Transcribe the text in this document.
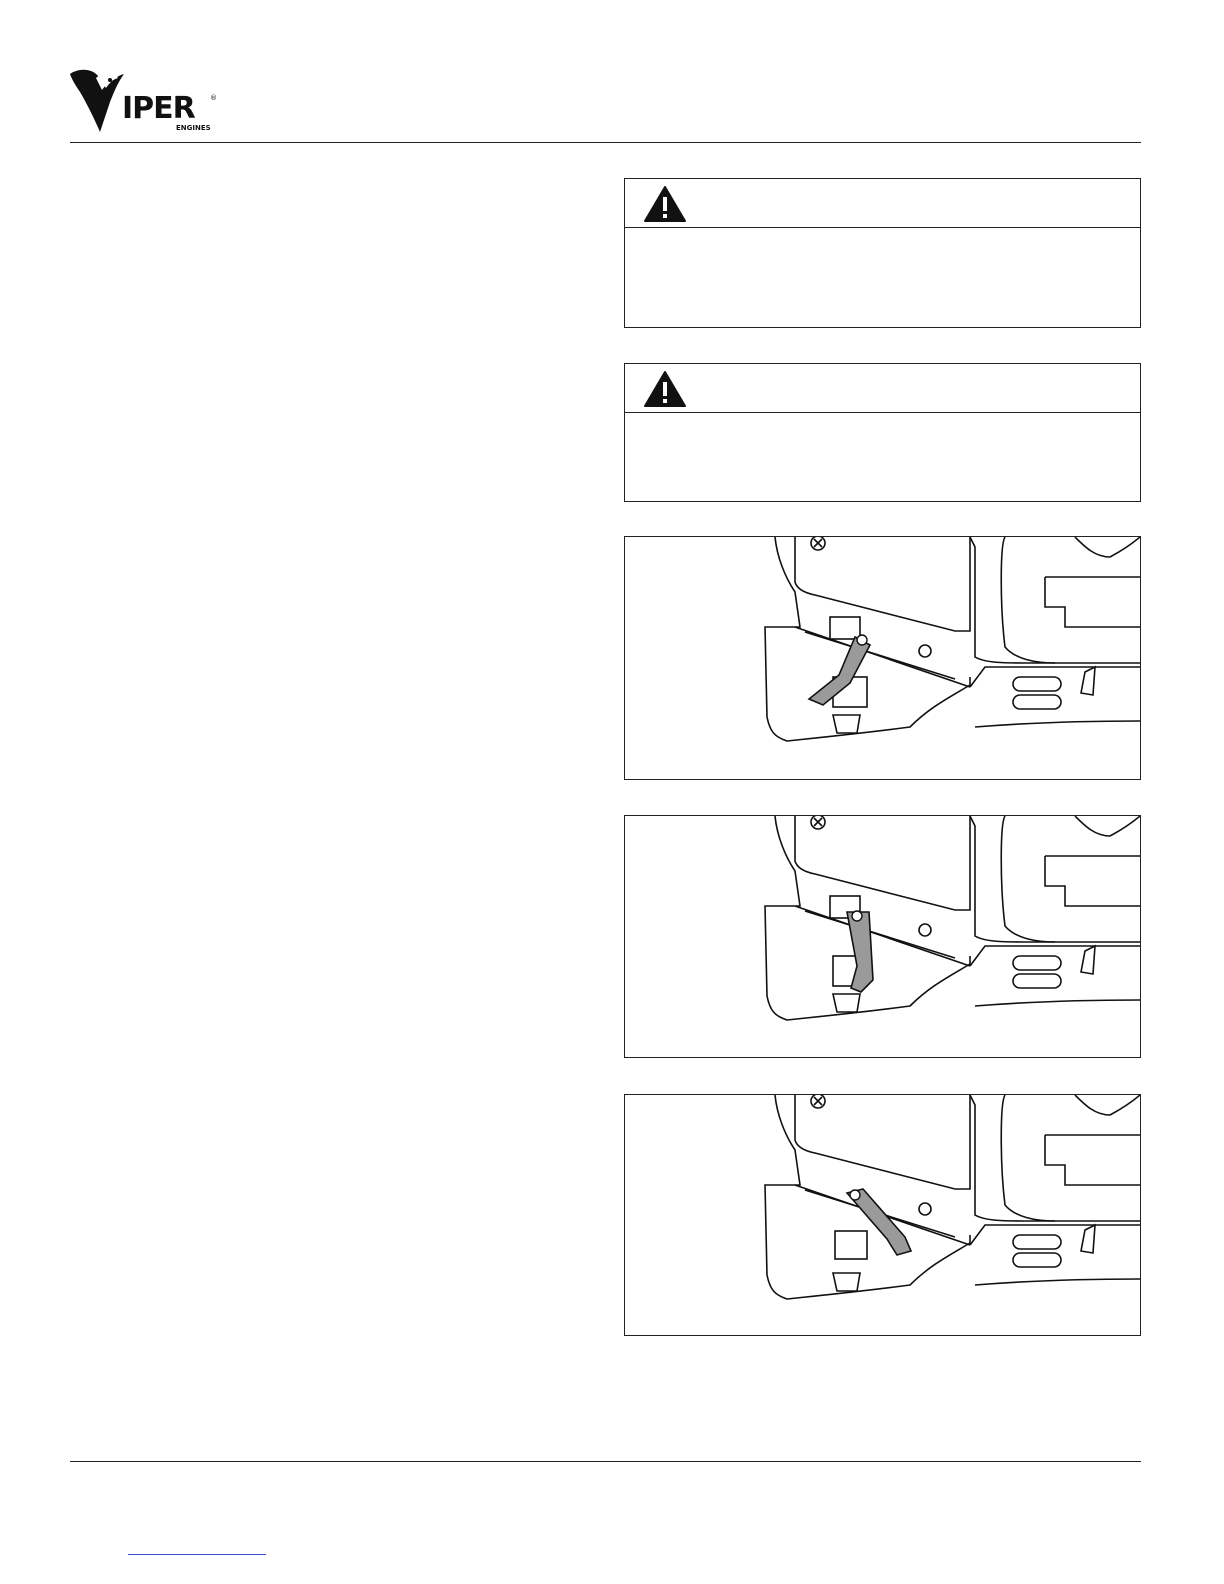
IPER ®
ENGINES
